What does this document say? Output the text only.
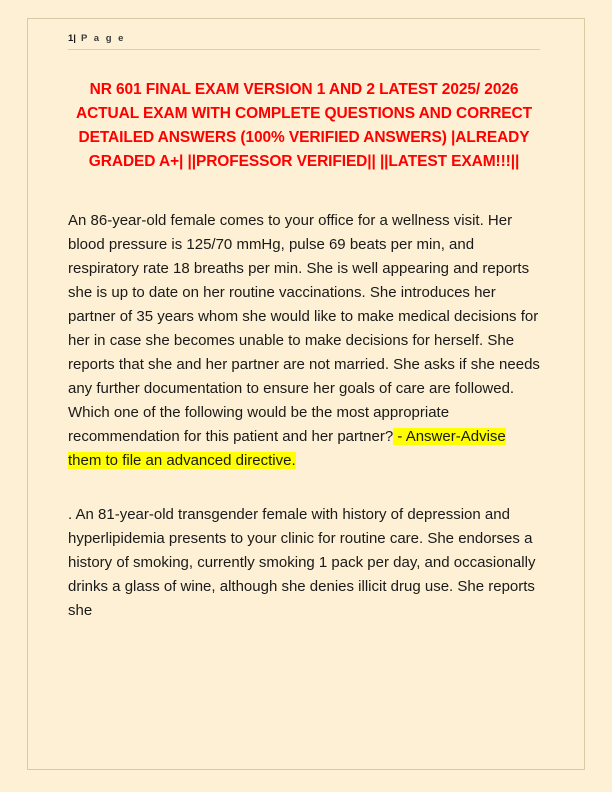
1| P a g e
NR 601 FINAL EXAM VERSION 1 AND 2 LATEST 2025/ 2026 ACTUAL EXAM WITH COMPLETE QUESTIONS AND CORRECT DETAILED ANSWERS (100% VERIFIED ANSWERS) |ALREADY GRADED A+| ||PROFESSOR VERIFIED|| ||LATEST EXAM!!!||
An 86-year-old female comes to your office for a wellness visit. Her blood pressure is 125/70 mmHg, pulse 69 beats per min, and respiratory rate 18 breaths per min. She is well appearing and reports she is up to date on her routine vaccinations. She introduces her partner of 35 years whom she would like to make medical decisions for her in case she becomes unable to make decisions for herself. She reports that she and her partner are not married. She asks if she needs any further documentation to ensure her goals of care are followed. Which one of the following would be the most appropriate recommendation for this patient and her partner? - Answer-Advise them to file an advanced directive.
. An 81-year-old transgender female with history of depression and hyperlipidemia presents to your clinic for routine care. She endorses a history of smoking, currently smoking 1 pack per day, and occasionally drinks a glass of wine, although she denies illicit drug use. She reports she
